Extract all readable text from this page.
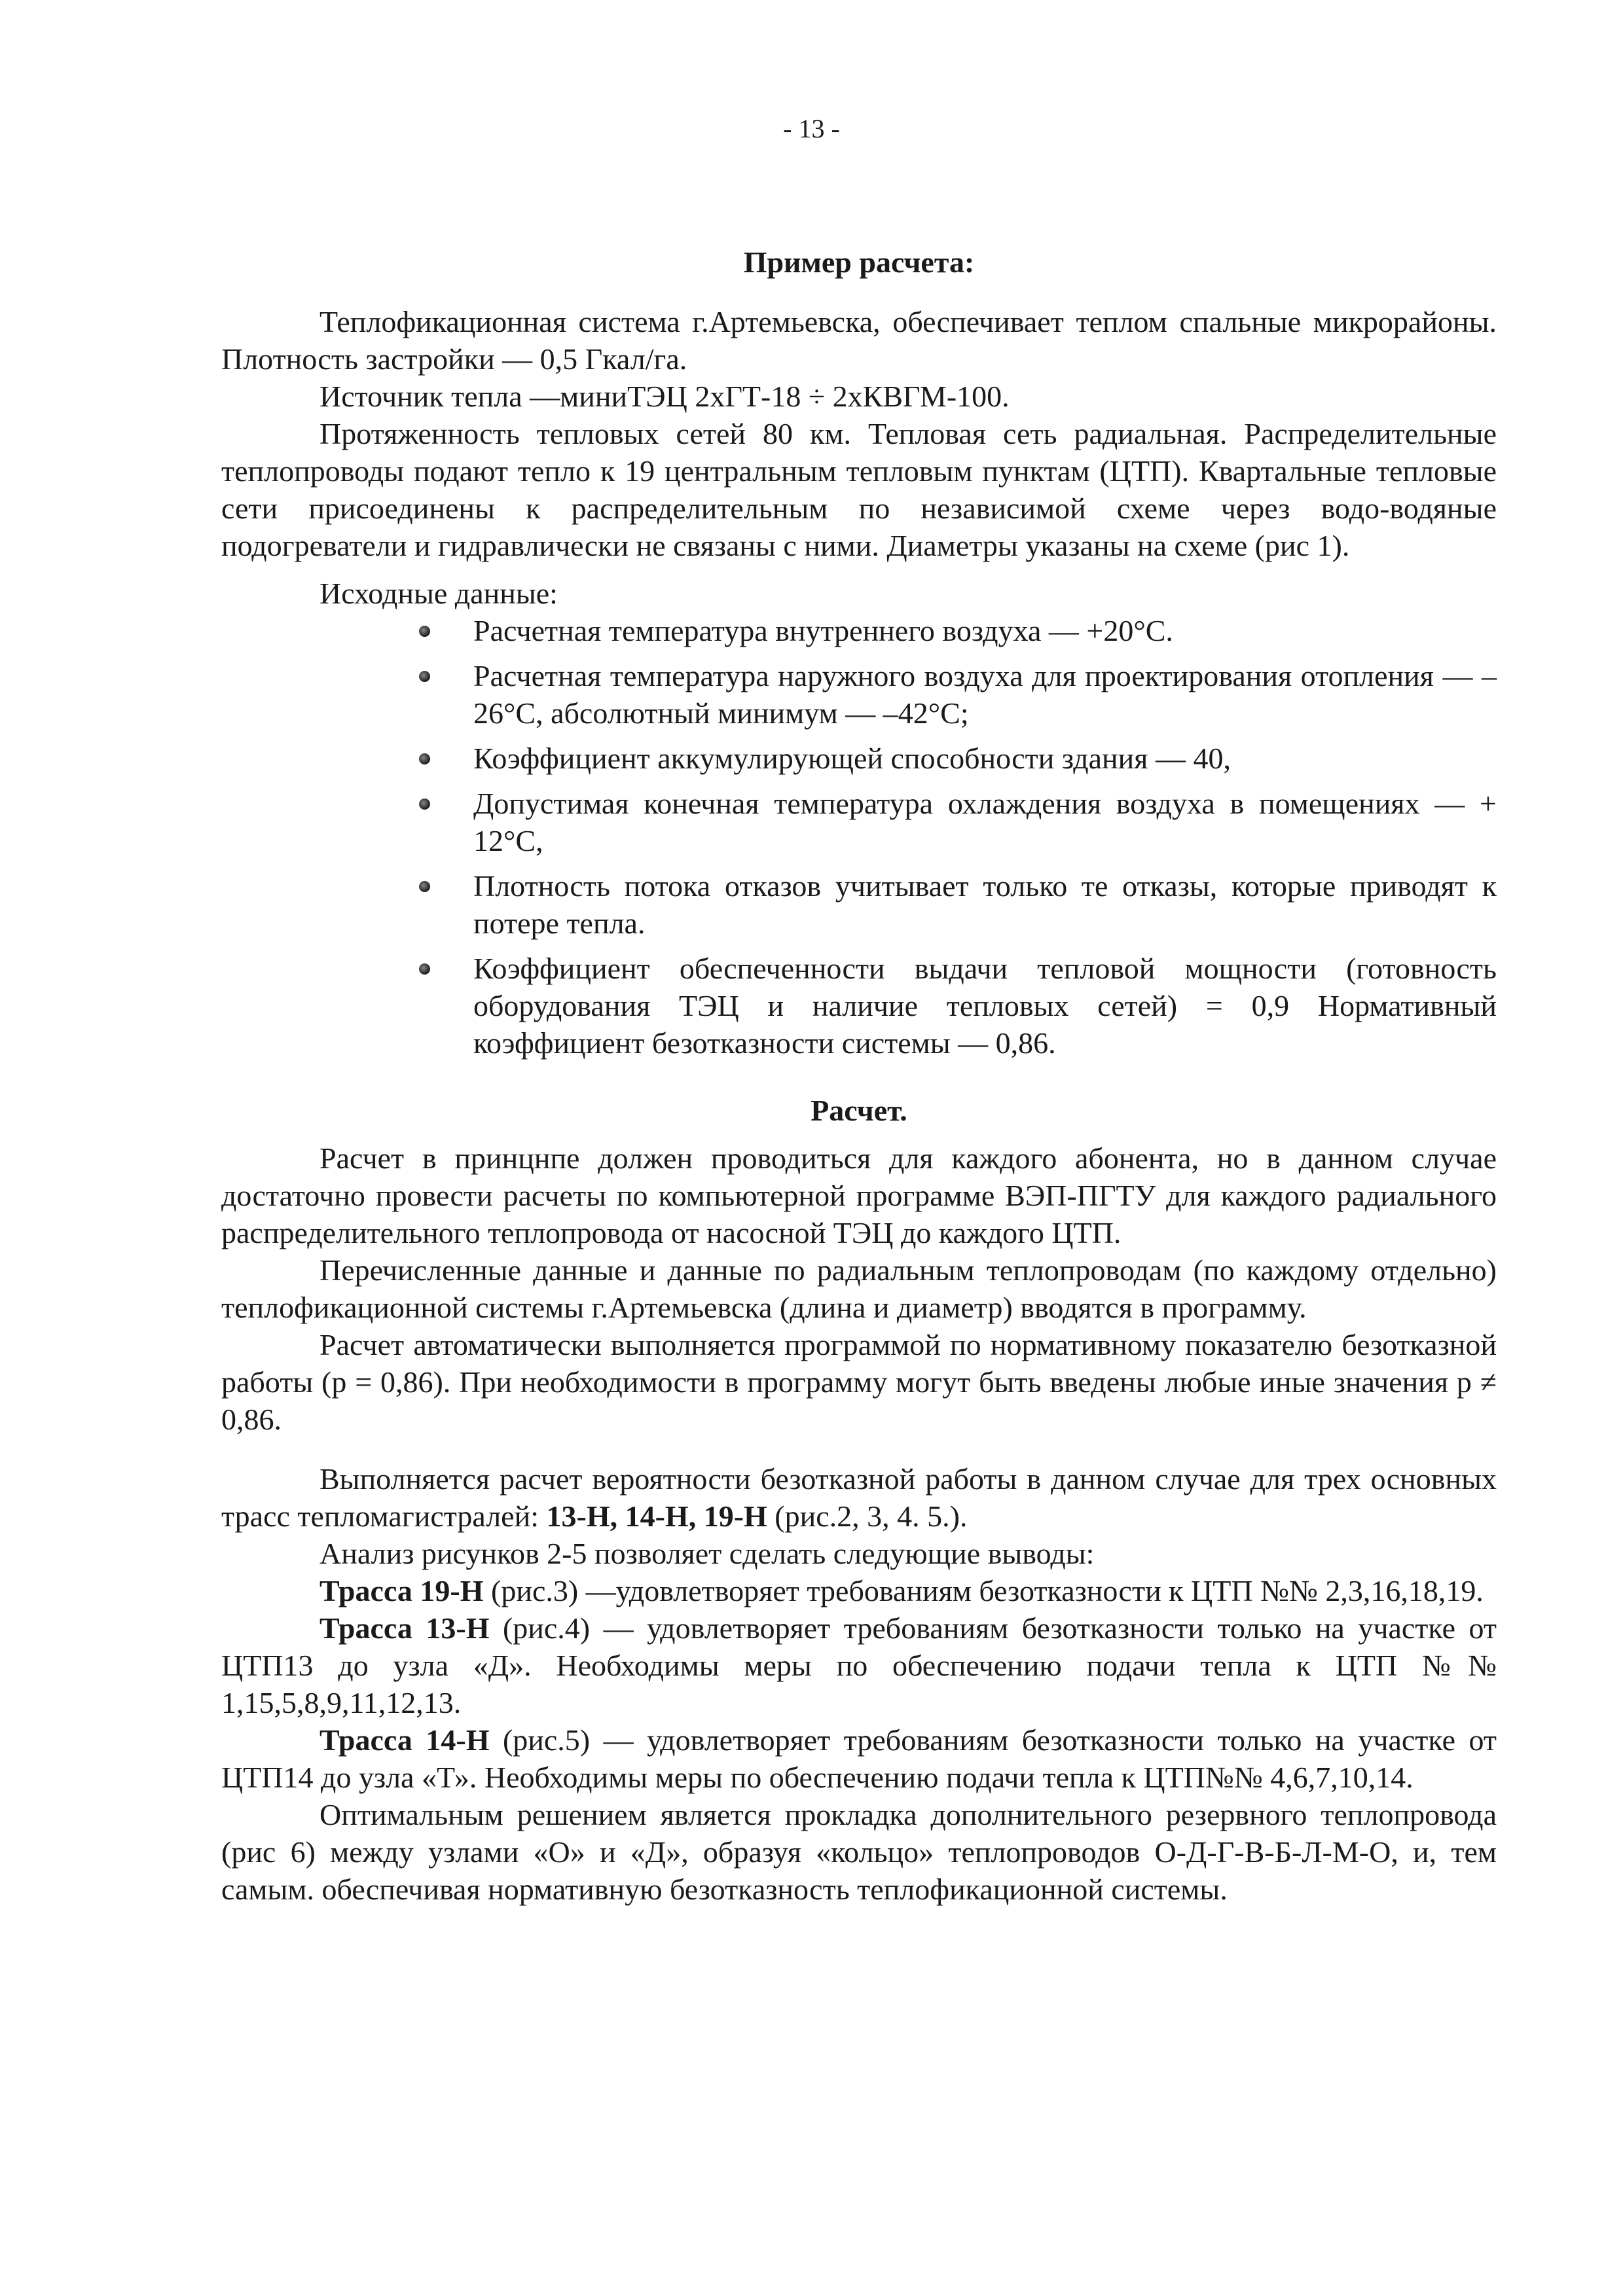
- 13 -

Пример расчета:

Теплофикационная система г.Артемьевска, обеспечивает теплом спальные микрорайоны. Плотность застройки — 0,5 Гкал/га.

Источник тепла —миниТЭЦ 2хГТ-18 ÷ 2хКВГМ-100.

Протяженность тепловых сетей 80 км. Тепловая сеть радиальная. Распределительные теплопроводы подают тепло к 19 центральным тепловым пунктам (ЦТП). Квартальные тепловые сети присоединены к распределительным по независимой схеме через водо-водяные подогреватели и гидравлически не связаны с ними. Диаметры указаны на схеме (рис 1).

Исходные данные:

Расчетная температура внутреннего воздуха — +20°С.
Расчетная температура наружного воздуха для проектирования отопления — –26°С, абсолютный минимум — –42°С;
Коэффициент аккумулирующей способности здания — 40,
Допустимая конечная температура охлаждения воздуха в помещениях — + 12°С,
Плотность потока отказов учитывает только те отказы, которые приводят к потере тепла.
Коэффициент обеспеченности выдачи тепловой мощности (готовность оборудования ТЭЦ и наличие тепловых сетей) = 0,9 Нормативный коэффициент безотказности системы — 0,86.

Расчет.

Расчет в принцнпе должен проводиться для каждого абонента, но в данном случае достаточно провести расчеты по компьютерной программе ВЭП-ПГТУ для каждого радиального распределительного теплопровода от насосной ТЭЦ до каждого ЦТП.

Перечисленные данные и данные по радиальным теплопроводам (по каждому отдельно) теплофикационной системы г.Артемьевска (длина и диаметр) вводятся в программу.

Расчет автоматически выполняется программой по нормативному показателю безотказной работы (р = 0,86). При необходимости в программу могут быть введены любые иные значения р ≠ 0,86.

Выполняется расчет вероятности безотказной работы в данном случае для трех основных трасс тепломагистралей: 13-Н, 14-Н, 19-Н (рис.2, 3, 4. 5.).

Анализ рисунков 2-5 позволяет сделать следующие выводы:

Трасса 19-Н (рис.3) —удовлетворяет требованиям безотказности к ЦТП №№ 2,3,16,18,19.

Трасса 13-Н (рис.4) — удовлетворяет требованиям безотказности только на участке от ЦТП13 до узла «Д». Необходимы меры по обеспечению подачи тепла к ЦТП №№ 1,15,5,8,9,11,12,13.

Трасса 14-Н (рис.5) — удовлетворяет требованиям безотказности только на участке от ЦТП14 до узла «Т». Необходимы меры по обеспечению подачи тепла к ЦТП№№ 4,6,7,10,14.

Оптимальным решением является прокладка дополнительного резервного теплопровода (рис 6) между узлами «О» и «Д», образуя «кольцо» теплопроводов О-Д-Г-В-Б-Л-М-О, и, тем самым. обеспечивая нормативную безотказность теплофикационной системы.
